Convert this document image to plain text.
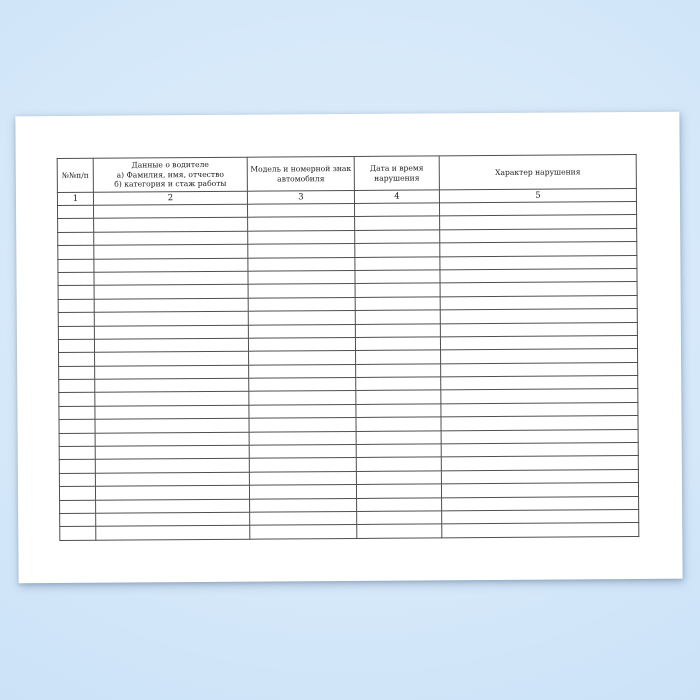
№№п/п	Данные о водителе
а) Фамилия, имя, отчество
б) категория и стаж работы	Модель и номерной знак
автомобиля	Дата и время нарушения	Характер нарушения

1	2	3	4	5
